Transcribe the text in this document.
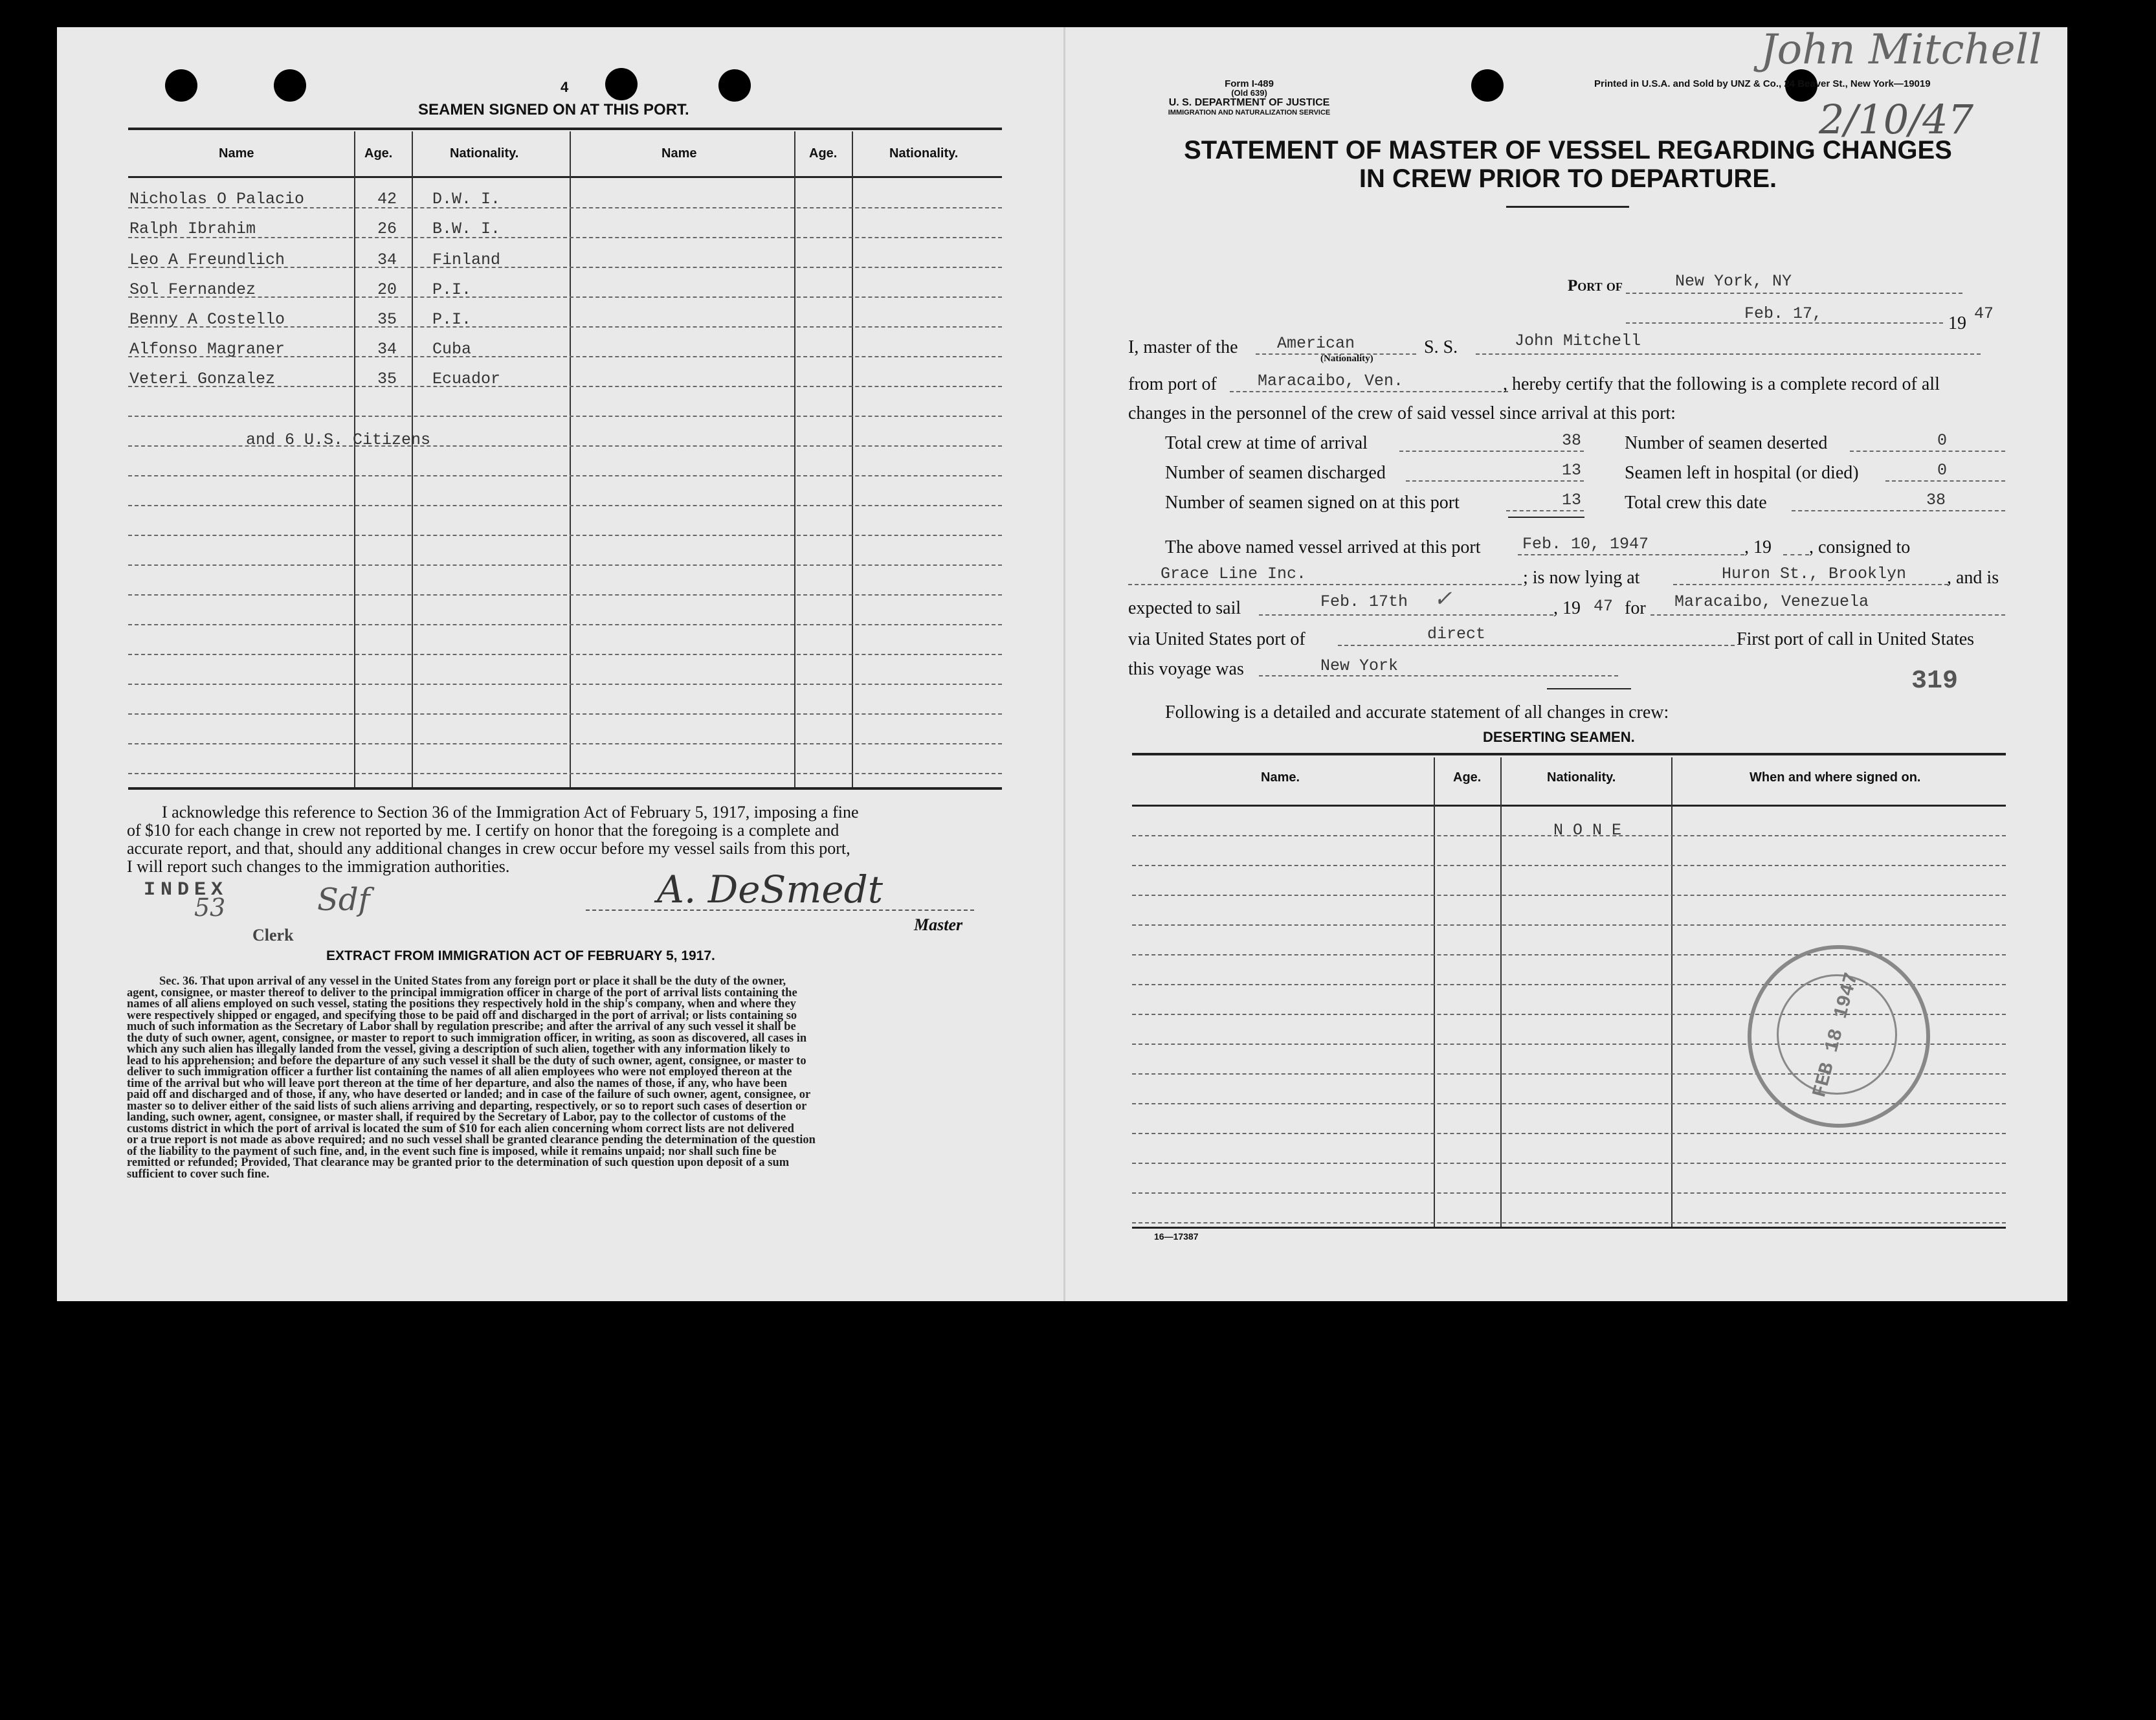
4
SEAMEN SIGNED ON AT THIS PORT.
Name	Age.	Nationality.	Name	Age.	Nationality.
Nicholas O Palacio	42 D.W. I.
Ralph Ibrahim	26 B.W. I.
Leo A Freundlich	34 Finland
Sol Fernandez	20 P.I.
Benny A Costello	35 P.I.
Alfonso Magraner	34 Cuba
Veteri Gonzalez	35 Ecuador
and 6 U.S. Citizens
I acknowledge this reference to Section 36 of the Immigration Act of February 5, 1917, imposing a fine
of $10 for each change in crew not reported by me. I certify on honor that the foregoing is a complete and
accurate report, and that, should any additional changes in crew occur before my vessel sails from this port,
I will report such changes to the immigration authorities.
INDEX
53
Clerk
Sdf	A. DeSmedt
Master
EXTRACT FROM IMMIGRATION ACT OF FEBRUARY 5, 1917.
Sec. 36. That upon arrival of any vessel in the United States from any foreign port or place it shall be the duty of the owner,
agent, consignee, or master thereof to deliver to the principal immigration officer in charge of the port of arrival lists containing the
names of all aliens employed on such vessel, stating the positions they respectively hold in the ship's company, when and where they
were respectively shipped or engaged, and specifying those to be paid off and discharged in the port of arrival; or lists containing so
much of such information as the Secretary of Labor shall by regulation prescribe; and after the arrival of any such vessel it shall be
the duty of such owner, agent, consignee, or master to report to such immigration officer, in writing, as soon as discovered, all cases in
which any such alien has illegally landed from the vessel, giving a description of such alien, together with any information likely to
lead to his apprehension; and before the departure of any such vessel it shall be the duty of such owner, agent, consignee, or master to
deliver to such immigration officer a further list containing the names of all alien employees who were not employed thereon at the
time of the arrival but who will leave port thereon at the time of her departure, and also the names of those, if any, who have been
paid off and discharged and of those, if any, who have deserted or landed; and in case of the failure of such owner, agent, consignee, or
master so to deliver either of the said lists of such aliens arriving and departing, respectively, or so to report such cases of desertion or
landing, such owner, agent, consignee, or master shall, if required by the Secretary of Labor, pay to the collector of customs of the
customs district in which the port of arrival is located the sum of $10 for each alien concerning whom correct lists are not delivered
or a true report is not made as above required; and no such vessel shall be granted clearance pending the determination of the question
of the liability to the payment of such fine, and, in the event such fine is imposed, while it remains unpaid; nor shall such fine be
remitted or refunded; Provided, That clearance may be granted prior to the determination of such question upon deposit of a sum
sufficient to cover such fine.
Form I-489
(Old 639)
U. S. DEPARTMENT OF JUSTICE
IMMIGRATION AND NATURALIZATION SERVICE
Printed in U.S.A. and Sold by UNZ & Co., 24 Beaver St., New York—19019
John Mitchell
2/10/47
STATEMENT OF MASTER OF VESSEL REGARDING CHANGES
IN CREW PRIOR TO DEPARTURE.
Port of	New York, NY
Feb. 17,	19 47
I, master of the American
(Nationality)
S. S.	John Mitchell
from port of	Maracaibo, Ven.	, hereby certify that the following is a complete record of all
changes in the personnel of the crew of said vessel since arrival at this port:
Total crew at time of arrival	38 Number of seamen deserted	0
Number of seamen discharged	13 Seamen left in hospital (or died)	0
Number of seamen signed on at this port	13 Total crew this date	38
The above named vessel arrived at this port	Feb. 10, 1947	, 19 , consigned to
Grace Line Inc.	; is now lying at	Huron St., Brooklyn , and is
expected to sail	Feb. 17th ✓	, 19 47 for Maracaibo, Venezuela
via United States port of	direct	First port of call in United States
this voyage was	New York
319
Following is a detailed and accurate statement of all changes in crew:
DESERTING SEAMEN.
Name.	Age.	Nationality.	When and where signed on.
N O N E
FEB 18 1947
16—17387
